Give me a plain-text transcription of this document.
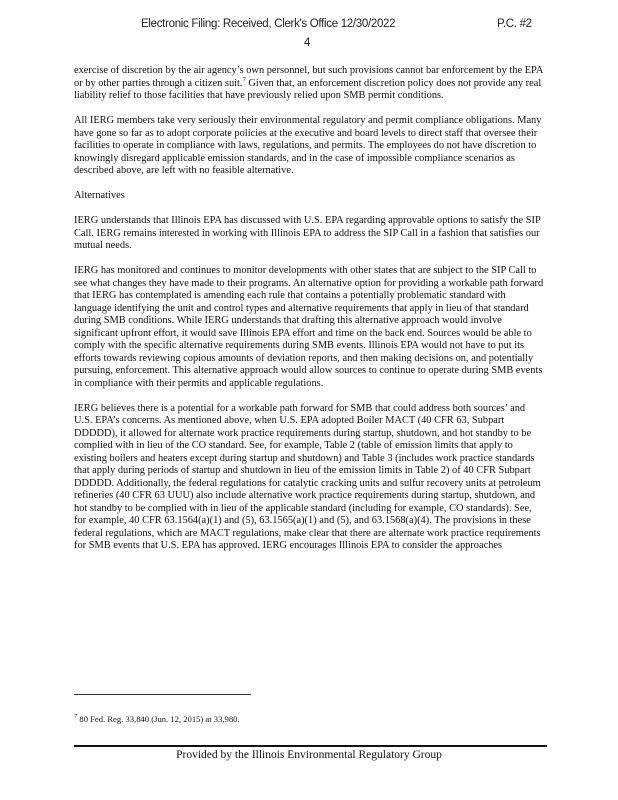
Electronic Filing: Received, Clerk's Office 12/30/2022	P.C. #2
4

exercise of discretion by the air agency’s own personnel, but such provisions cannot bar enforcement by the EPA or by other parties through a citizen suit.$^7$ Given that, an enforcement discretion policy does not provide any real liability relief to those facilities that have previously relied upon SMB permit conditions.

All IERG members take very seriously their environmental regulatory and permit compliance obligations. Many have gone so far as to adopt corporate policies at the executive and board levels to direct staff that oversee their facilities to operate in compliance with laws, regulations, and permits. The employees do not have discretion to knowingly disregard applicable emission standards, and in the case of impossible compliance scenarios as described above, are left with no feasible alternative.

Alternatives

IERG understands that Illinois EPA has discussed with U.S. EPA regarding approvable options to satisfy the SIP Call. IERG remains interested in working with Illinois EPA to address the SIP Call in a fashion that satisfies our mutual needs.

IERG has monitored and continues to monitor developments with other states that are subject to the SIP Call to see what changes they have made to their programs. An alternative option for providing a workable path forward that IERG has contemplated is amending each rule that contains a potentially problematic standard with language identifying the unit and control types and alternative requirements that apply in lieu of that standard during SMB conditions. While IERG understands that drafting this alternative approach would involve significant upfront effort, it would save Illinois EPA effort and time on the back end. Sources would be able to comply with the specific alternative requirements during SMB events. Illinois EPA would not have to put its efforts towards reviewing copious amounts of deviation reports, and then making decisions on, and potentially pursuing, enforcement. This alternative approach would allow sources to continue to operate during SMB events in compliance with their permits and applicable regulations.

IERG believes there is a potential for a workable path forward for SMB that could address both sources’ and U.S. EPA’s concerns. As mentioned above, when U.S. EPA adopted Boiler MACT (40 CFR 63, Subpart DDDDD), it allowed for alternate work practice requirements during startup, shutdown, and hot standby to be complied with in lieu of the CO standard. See, for example, Table 2 (table of emission limits that apply to existing boilers and heaters except during startup and shutdown) and Table 3 (includes work practice standards that apply during periods of startup and shutdown in lieu of the emission limits in Table 2) of 40 CFR Subpart DDDDD. Additionally, the federal regulations for catalytic cracking units and sulfur recovery units at petroleum refineries (40 CFR 63 UUU) also include alternative work practice requirements during startup, shutdown, and hot standby to be complied with in lieu of the applicable standard (including for example, CO standards). See, for example, 40 CFR 63.1564(a)(1) and (5), 63.1565(a)(1) and (5), and 63.1568(a)(4). The provisions in these federal regulations, which are MACT regulations, make clear that there are alternate work practice requirements for SMB events that U.S. EPA has approved. IERG encourages Illinois EPA to consider the approaches

$^7$ 80 Fed. Reg. 33,840 (Jun. 12, 2015) at 33,980.
Provided by the Illinois Environmental Regulatory Group
